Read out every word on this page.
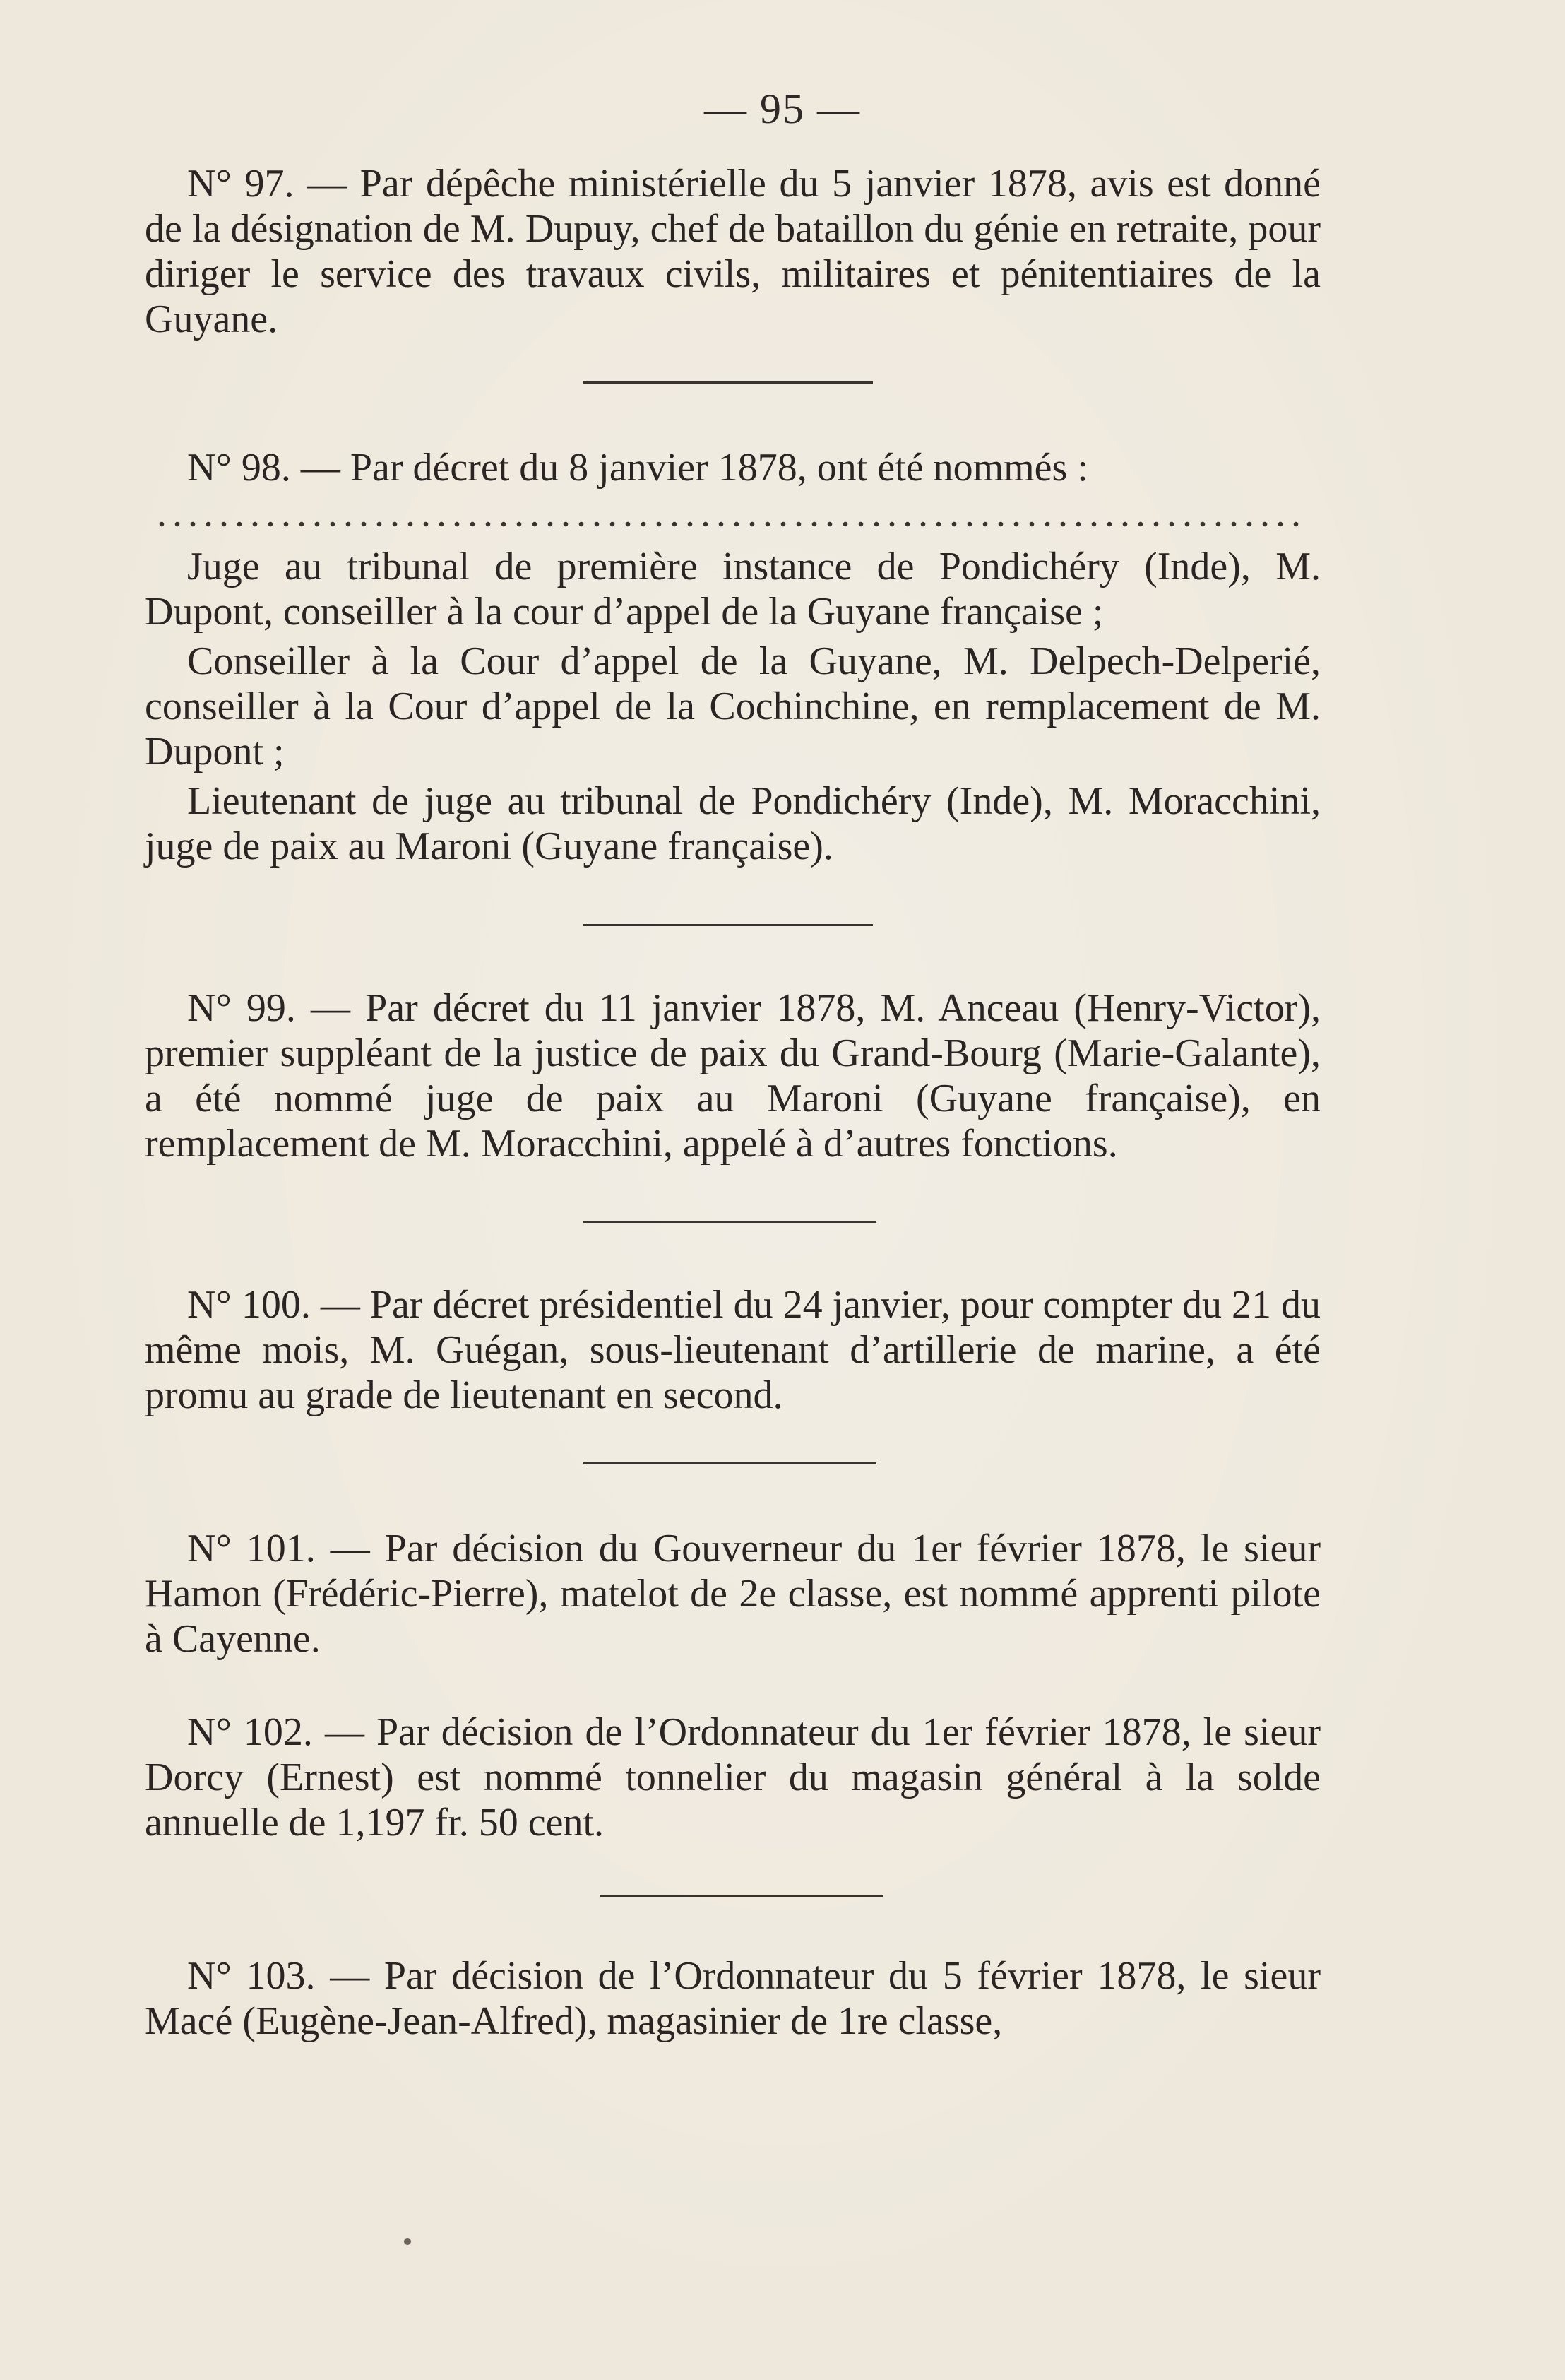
— 95 —

N° 97. — Par dépêche ministérielle du 5 janvier 1878, avis est donné de la désignation de M. Dupuy, chef de bataillon du génie en retraite, pour diriger le service des travaux civils, militaires et pénitentiaires de la Guyane.

N° 98. — Par décret du 8 janvier 1878, ont été nommés :

Juge au tribunal de première instance de Pondichéry (Inde), M. Dupont, conseiller à la cour d’appel de la Guyane française ;

Conseiller à la Cour d’appel de la Guyane, M. Delpech-Delperié, conseiller à la Cour d’appel de la Cochinchine, en remplacement de M. Dupont ;

Lieutenant de juge au tribunal de Pondichéry (Inde), M. Moracchini, juge de paix au Maroni (Guyane française).

N° 99. — Par décret du 11 janvier 1878, M. Anceau (Henry-Victor), premier suppléant de la justice de paix du Grand-Bourg (Marie-Galante), a été nommé juge de paix au Maroni (Guyane française), en remplacement de M. Moracchini, appelé à d’autres fonctions.

N° 100. — Par décret présidentiel du 24 janvier, pour compter du 21 du même mois, M. Guégan, sous-lieutenant d’artillerie de marine, a été promu au grade de lieutenant en second.

N° 101. — Par décision du Gouverneur du 1er février 1878, le sieur Hamon (Frédéric-Pierre), matelot de 2e classe, est nommé apprenti pilote à Cayenne.

N° 102. — Par décision de l’Ordonnateur du 1er février 1878, le sieur Dorcy (Ernest) est nommé tonnelier du magasin général à la solde annuelle de 1,197 fr. 50 cent.

N° 103. — Par décision de l’Ordonnateur du 5 février 1878, le sieur Macé (Eugène-Jean-Alfred), magasinier de 1re classe,
